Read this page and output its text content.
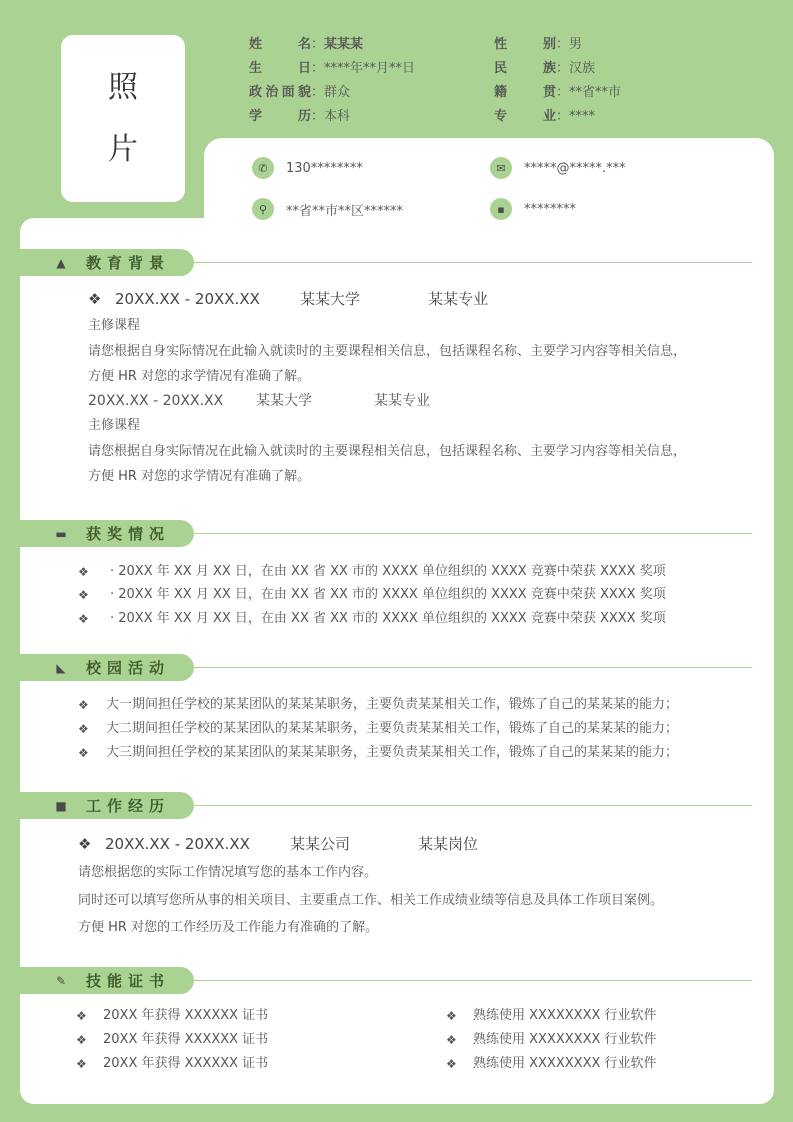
照
片
姓名：某某某
生日：****年**月**日
政治面貌：群众
学历：本科
性别：男
民族：汉族
籍贯：**省**市
专业：****
✆	130********	✉	*****@*****.***
⚲	**省**市**区******	▪	********
▲ 教育背景
❖ 20XX.XX - 20XX.XX	某某大学	某某专业
主修课程
请您根据自身实际情况在此输入就读时的主要课程相关信息，包括课程名称、主要学习内容等相关信息，
方便 HR 对您的求学情况有准确了解。
20XX.XX - 20XX.XX 某某大学	某某专业
主修课程
请您根据自身实际情况在此输入就读时的主要课程相关信息，包括课程名称、主要学习内容等相关信息，
方便 HR 对您的求学情况有准确了解。
▬ 获奖情况
❖ · 20XX 年 XX 月 XX 日，在由 XX 省 XX 市的 XXXX 单位组织的 XXXX 竞赛中荣获 XXXX 奖项
❖ · 20XX 年 XX 月 XX 日，在由 XX 省 XX 市的 XXXX 单位组织的 XXXX 竞赛中荣获 XXXX 奖项
❖ · 20XX 年 XX 月 XX 日，在由 XX 省 XX 市的 XXXX 单位组织的 XXXX 竞赛中荣获 XXXX 奖项
◣ 校园活动
❖ 大一期间担任学校的某某团队的某某某职务，主要负责某某相关工作，锻炼了自己的某某某的能力；
❖ 大二期间担任学校的某某团队的某某某职务，主要负责某某相关工作，锻炼了自己的某某某的能力；
❖ 大三期间担任学校的某某团队的某某某职务，主要负责某某相关工作，锻炼了自己的某某某的能力；
■ 工作经历
❖ 20XX.XX - 20XX.XX	某某公司	某某岗位
请您根据您的实际工作情况填写您的基本工作内容。
同时还可以填写您所从事的相关项目、主要重点工作、相关工作成绩业绩等信息及具体工作项目案例。
方便 HR 对您的工作经历及工作能力有准确的了解。
✎ 技能证书
❖ 20XX 年获得 XXXXXX 证书
❖ 20XX 年获得 XXXXXX 证书
❖ 20XX 年获得 XXXXXX 证书
❖ 熟练使用 XXXXXXXX 行业软件
❖ 熟练使用 XXXXXXXX 行业软件
❖ 熟练使用 XXXXXXXX 行业软件
